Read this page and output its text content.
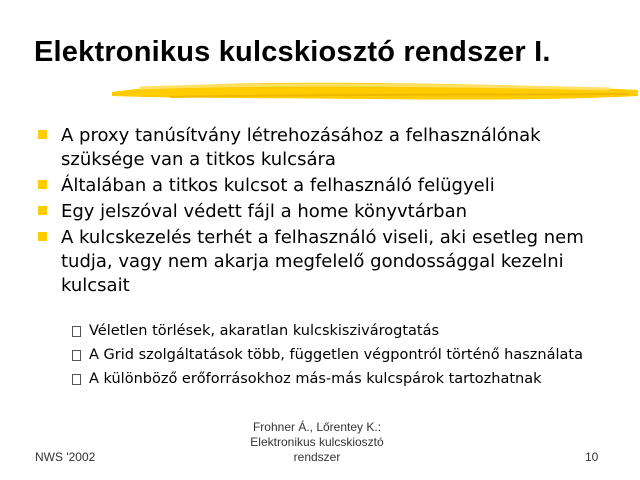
Elektronikus kulcskiosztó rendszer I.
A proxy tanúsítvány létrehozásához a felhasználónak szüksége van a titkos kulcsára
Általában a titkos kulcsot a felhasználó felügyeli
Egy jelszóval védett fájl a home könyvtárban
A kulcskezelés terhét a felhasználó viseli, aki esetleg nem tudja, vagy nem akarja megfelelő gondossággal kezelni kulcsait
Véletlen törlések, akaratlan kulcskiszivárogtatás
A Grid szolgáltatások több, független végpontról történő használata
A különböző erőforrásokhoz más-más kulcspárok tartozhatnak
NWS '2002
Frohner Á., Lőrentey K.:
Elektronikus kulcskiosztó
rendszer	10
